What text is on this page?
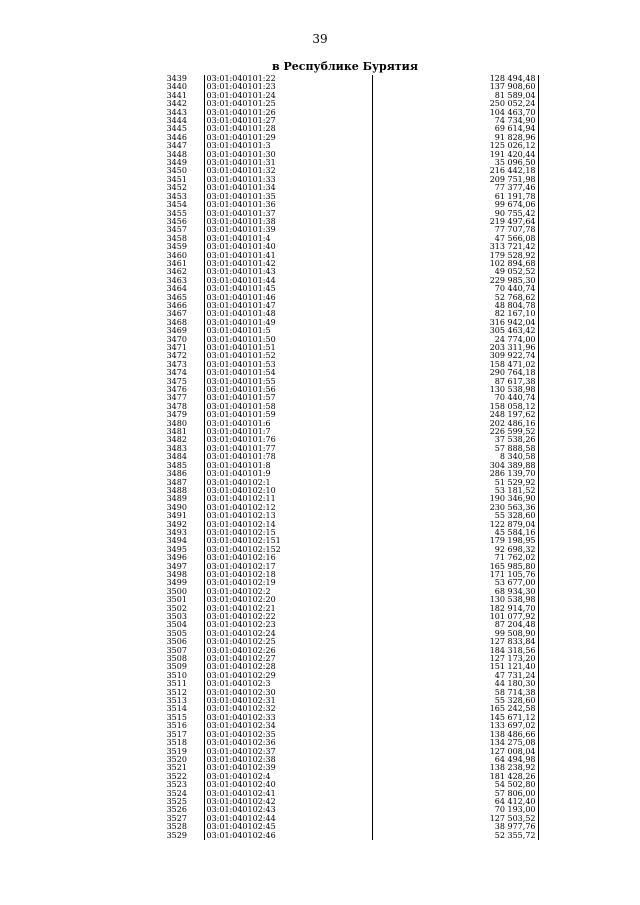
39
в Республике Бурятия
3439	03:01:040101:22	128 494,48
3440	03:01:040101:23	137 908,60
3441	03:01:040101:24	81 589,04
3442	03:01:040101:25	250 052,24
3443	03:01:040101:26	104 463,70
3444	03:01:040101:27	74 734,90
3445	03:01:040101:28	69 614,94
3446	03:01:040101:29	91 828,96
3447	03:01:040101:3	125 026,12
3448	03:01:040101:30	191 420,44
3449	03:01:040101:31	35 096,50
3450	03:01:040101:32	216 442,18
3451	03:01:040101:33	209 751,98
3452	03:01:040101:34	77 377,46
3453	03:01:040101:35	61 191,78
3454	03:01:040101:36	99 674,06
3455	03:01:040101:37	90 755,42
3456	03:01:040101:38	219 497,64
3457	03:01:040101:39	77 707,78
3458	03:01:040101:4	47 566,08
3459	03:01:040101:40	313 721,42
3460	03:01:040101:41	179 528,92
3461	03:01:040101:42	102 894,68
3462	03:01:040101:43	49 052,52
3463	03:01:040101:44	229 985,30
3464	03:01:040101:45	70 440,74
3465	03:01:040101:46	52 768,62
3466	03:01:040101:47	48 804,78
3467	03:01:040101:48	82 167,10
3468	03:01:040101:49	316 942,04
3469	03:01:040101:5	305 463,42
3470	03:01:040101:50	24 774,00
3471	03:01:040101:51	203 311,96
3472	03:01:040101:52	309 922,74
3473	03:01:040101:53	158 471,02
3474	03:01:040101:54	290 764,18
3475	03:01:040101:55	87 617,38
3476	03:01:040101:56	130 538,98
3477	03:01:040101:57	70 440,74
3478	03:01:040101:58	158 058,12
3479	03:01:040101:59	248 197,62
3480	03:01:040101:6	202 486,16
3481	03:01:040101:7	226 599,52
3482	03:01:040101:76	37 538,26
3483	03:01:040101:77	57 888,58
3484	03:01:040101:78	8 340,58
3485	03:01:040101:8	304 389,88
3486	03:01:040101:9	286 139,70
3487	03:01:040102:1	51 529,92
3488	03:01:040102:10	53 181,52
3489	03:01:040102:11	190 346,90
3490	03:01:040102:12	230 563,36
3491	03:01:040102:13	55 328,60
3492	03:01:040102:14	122 879,04
3493	03:01:040102:15	45 584,16
3494	03:01:040102:151	179 198,95
3495	03:01:040102:152	92 698,32
3496	03:01:040102:16	71 762,02
3497	03:01:040102:17	165 985,80
3498	03:01:040102:18	171 105,76
3499	03:01:040102:19	53 677,00
3500	03:01:040102:2	68 934,30
3501	03:01:040102:20	130 538,98
3502	03:01:040102:21	182 914,70
3503	03:01:040102:22	101 077,92
3504	03:01:040102:23	87 204,48
3505	03:01:040102:24	99 508,90
3506	03:01:040102:25	127 833,84
3507	03:01:040102:26	184 318,56
3508	03:01:040102:27	127 173,20
3509	03:01:040102:28	151 121,40
3510	03:01:040102:29	47 731,24
3511	03:01:040102:3	44 180,30
3512	03:01:040102:30	58 714,38
3513	03:01:040102:31	55 328,60
3514	03:01:040102:32	165 242,58
3515	03:01:040102:33	145 671,12
3516	03:01:040102:34	133 697,02
3517	03:01:040102:35	138 486,66
3518	03:01:040102:36	134 275,08
3519	03:01:040102:37	127 008,04
3520	03:01:040102:38	64 494,98
3521	03:01:040102:39	138 238,92
3522	03:01:040102:4	181 428,26
3523	03:01:040102:40	54 502,80
3524	03:01:040102:41	57 806,00
3525	03:01:040102:42	64 412,40
3526	03:01:040102:43	70 193,00
3527	03:01:040102:44	127 503,52
3528	03:01:040102:45	38 977,76
3529	03:01:040102:46	52 355,72
